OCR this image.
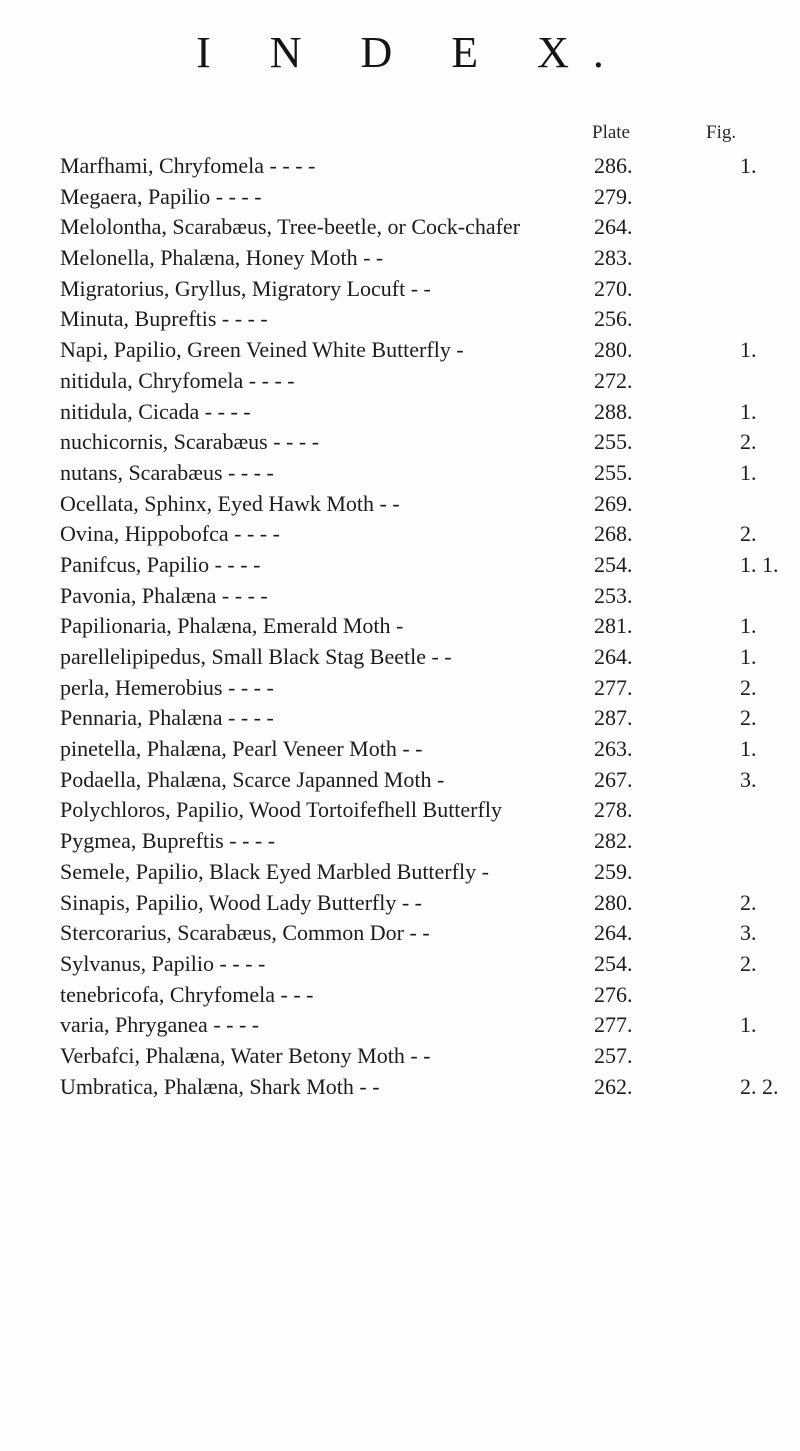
I N D E X.
Plate	Fig.
Marfhami, Chryfomela - - - -	286.	1.
Megaera, Papilio - - - -	279.
Melolontha, Scarabæus, Tree-beetle, or Cock-chafer	264.
Melonella, Phalæna, Honey Moth - -	283.
Migratorius, Gryllus, Migratory Locuft - -	270.
Minuta, Bupreftis - - - -	256.
Napi, Papilio, Green Veined White Butterfly -	280.	1.
nitidula, Chryfomela - - - -	272.
nitidula, Cicada - - - -	288.	1.
nuchicornis, Scarabæus - - - -	255.	2.
nutans, Scarabæus - - - -	255.	1.
Ocellata, Sphinx, Eyed Hawk Moth - -	269.
Ovina, Hippobofca - - - -	268.	2.
Panifcus, Papilio - - - -	254.	1. 1.
Pavonia, Phalæna - - - -	253.
Papilionaria, Phalæna, Emerald Moth -	281.	1.
parellelipipedus, Small Black Stag Beetle - -	264.	1.
perla, Hemerobius - - - -	277.	2.
Pennaria, Phalæna - - - -	287.	2.
pinetella, Phalæna, Pearl Veneer Moth - -	263.	1.
Podaella, Phalæna, Scarce Japanned Moth -	267.	3.
Polychloros, Papilio, Wood Tortoifefhell Butterfly	278.
Pygmea, Bupreftis - - - -	282.
Semele, Papilio, Black Eyed Marbled Butterfly -	259.
Sinapis, Papilio, Wood Lady Butterfly - -	280.	2.
Stercorarius, Scarabæus, Common Dor - -	264.	3.
Sylvanus, Papilio - - - -	254.	2.
tenebricofa, Chryfomela - - -	276.
varia, Phryganea - - - -	277.	1.
Verbafci, Phalæna, Water Betony Moth - -	257.
Umbratica, Phalæna, Shark Moth - -	262.	2. 2.
